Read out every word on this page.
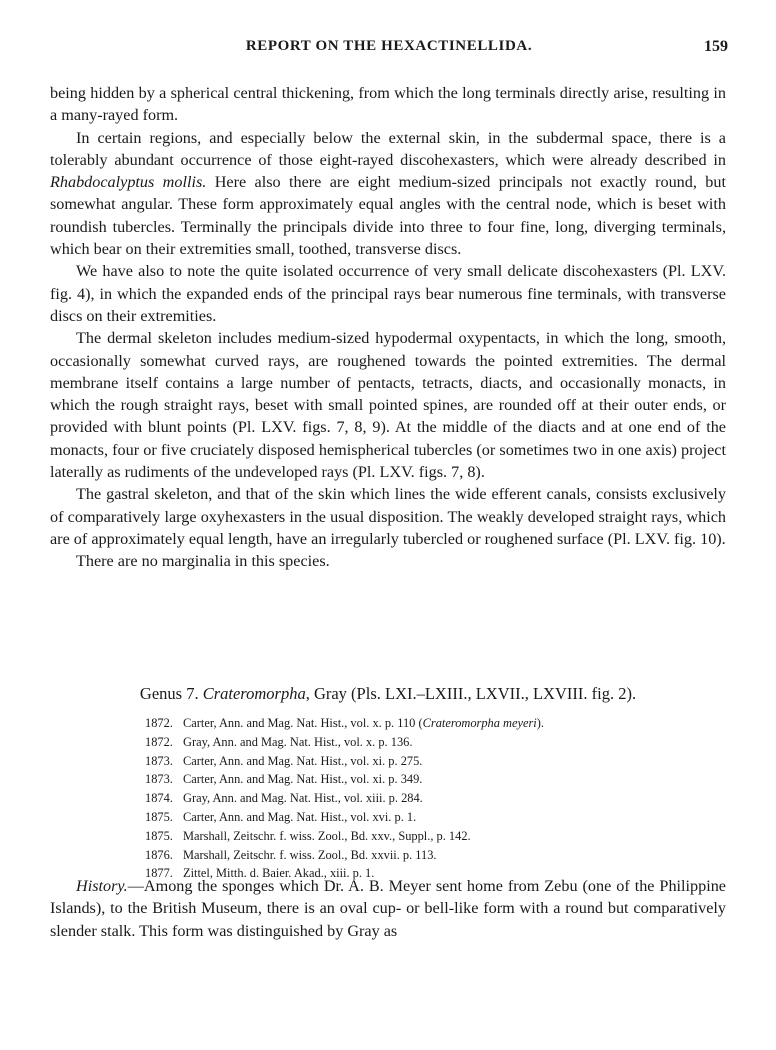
REPORT ON THE HEXACTINELLIDA.	159

being hidden by a spherical central thickening, from which the long terminals directly arise, resulting in a many-rayed form.

In certain regions, and especially below the external skin, in the subdermal space, there is a tolerably abundant occurrence of those eight-rayed discohexasters, which were already described in Rhabdocalyptus mollis. Here also there are eight medium-sized principals not exactly round, but somewhat angular. These form approximately equal angles with the central node, which is beset with roundish tubercles. Terminally the principals divide into three to four fine, long, diverging terminals, which bear on their extremities small, toothed, transverse discs.

We have also to note the quite isolated occurrence of very small delicate discohexasters (Pl. LXV. fig. 4), in which the expanded ends of the principal rays bear numerous fine terminals, with transverse discs on their extremities.

The dermal skeleton includes medium-sized hypodermal oxypentacts, in which the long, smooth, occasionally somewhat curved rays, are roughened towards the pointed extremities. The dermal membrane itself contains a large number of pentacts, tetracts, diacts, and occasionally monacts, in which the rough straight rays, beset with small pointed spines, are rounded off at their outer ends, or provided with blunt points (Pl. LXV. figs. 7, 8, 9). At the middle of the diacts and at one end of the monacts, four or five cruciately disposed hemispherical tubercles (or sometimes two in one axis) project laterally as rudiments of the undeveloped rays (Pl. LXV. figs. 7, 8).

The gastral skeleton, and that of the skin which lines the wide efferent canals, consists exclusively of comparatively large oxyhexasters in the usual disposition. The weakly developed straight rays, which are of approximately equal length, have an irregularly tubercled or roughened surface (Pl. LXV. fig. 10).

There are no marginalia in this species.

Genus 7. Crateromorpha, Gray (Pls. LXI.–LXIII., LXVII., LXVIII. fig. 2).
1872. Carter, Ann. and Mag. Nat. Hist., vol. x. p. 110 (Crateromorpha meyeri).
1872. Gray, Ann. and Mag. Nat. Hist., vol. x. p. 136.
1873. Carter, Ann. and Mag. Nat. Hist., vol. xi. p. 275.
1873. Carter, Ann. and Mag. Nat. Hist., vol. xi. p. 349.
1874. Gray, Ann. and Mag. Nat. Hist., vol. xiii. p. 284.
1875. Carter, Ann. and Mag. Nat. Hist., vol. xvi. p. 1.
1875. Marshall, Zeitschr. f. wiss. Zool., Bd. xxv., Suppl., p. 142.
1876. Marshall, Zeitschr. f. wiss. Zool., Bd. xxvii. p. 113.
1877. Zittel, Mitth. d. Baier. Akad., xiii. p. 1.
History.—Among the sponges which Dr. A. B. Meyer sent home from Zebu (one of the Philippine Islands), to the British Museum, there is an oval cup- or bell-like form with a round but comparatively slender stalk. This form was distinguished by Gray as
